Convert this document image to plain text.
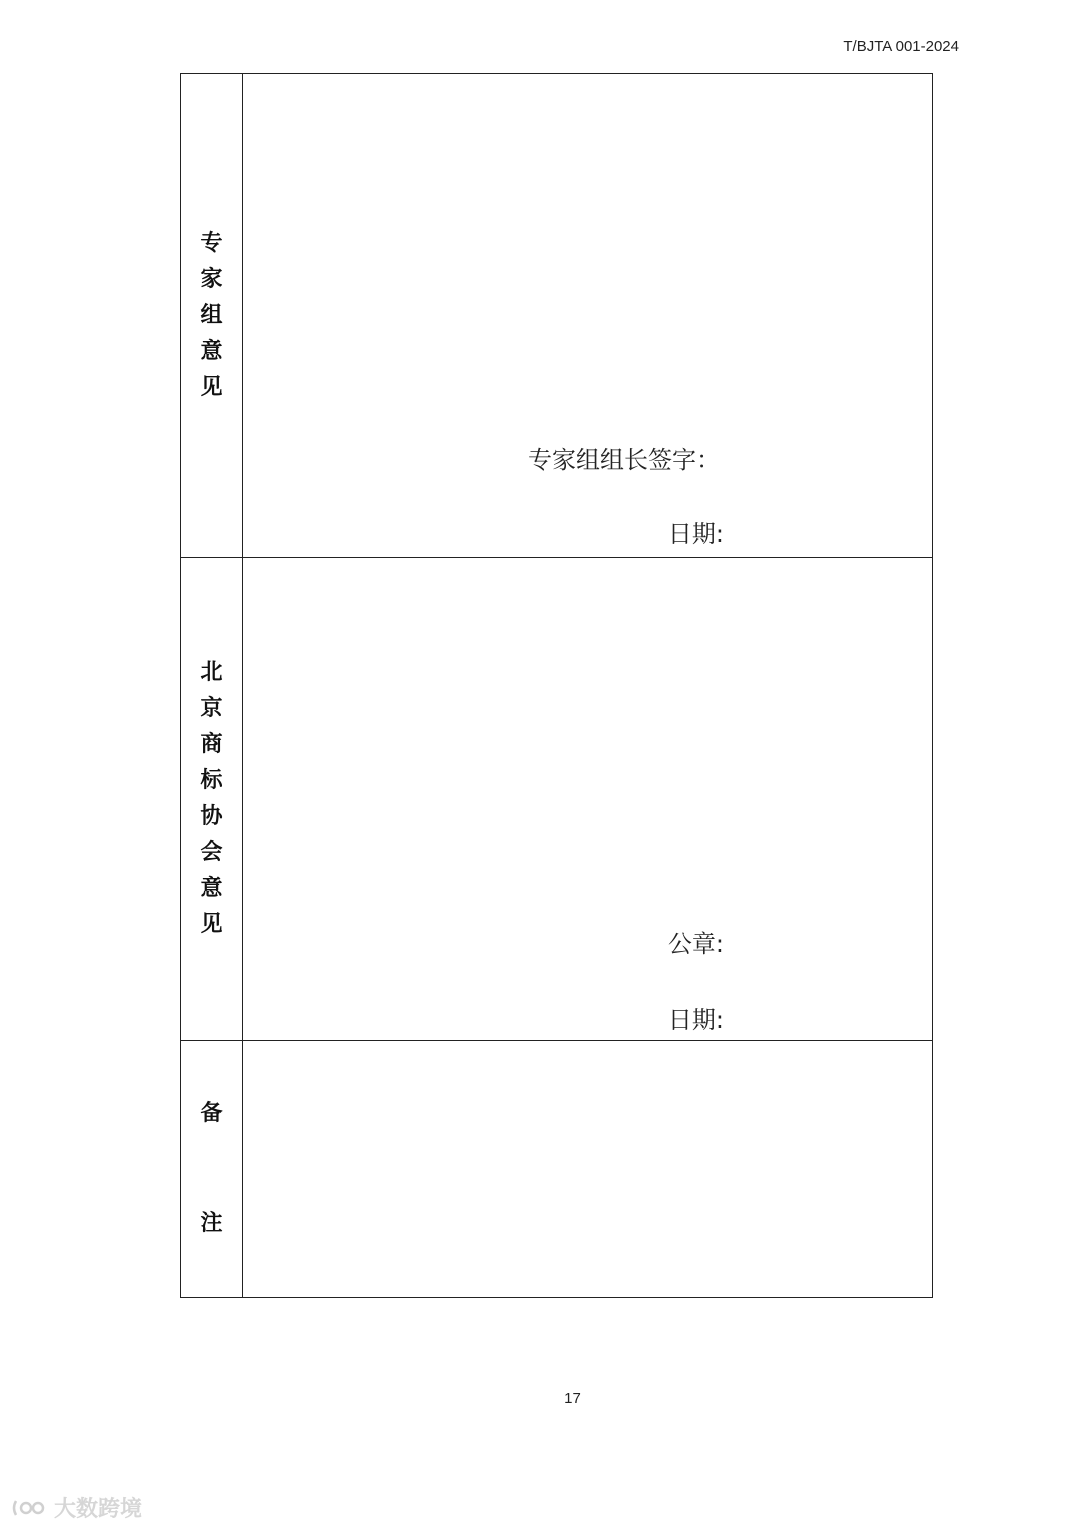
T/BJTA 001-2024
专家组意见	专家组组长签字：
日期:

北京商标协会意见	公章:
日期:

备注	
17
大数跨境
